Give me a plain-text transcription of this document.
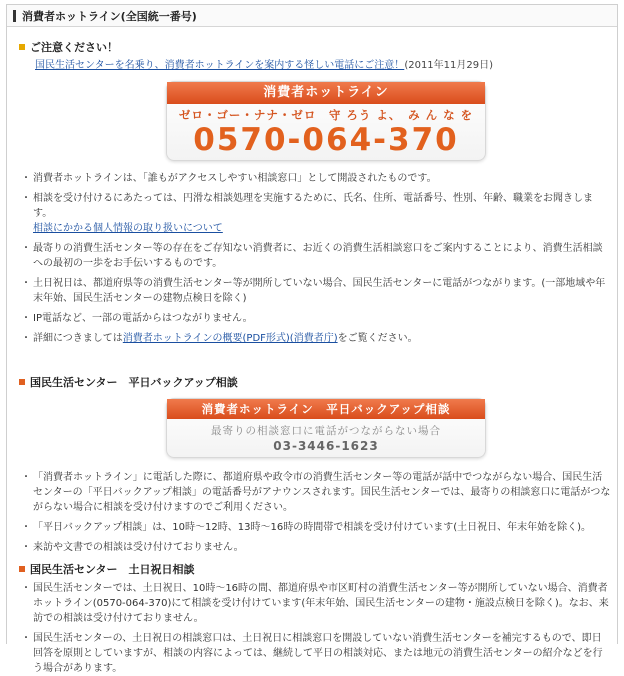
消費者ホットライン(全国統一番号)
ご注意ください！
国民生活センターを名乗り、消費者ホットラインを案内する怪しい電話にご注意！(2011年11月29日)
消費者ホットライン
ゼロ・ゴー・ナナ・ゼロ　守 ろう よ、　み ん な を
0570-064-370
・ 消費者ホットラインは、「誰もがアクセスしやすい相談窓口」として開設されたものです。
・ 相談を受け付けるにあたっては、円滑な相談処理を実施するために、氏名、住所、電話番号、性別、年齢、職業をお聞きします。
相談にかかる個人情報の取り扱いについて
・ 最寄りの消費生活センター等の存在をご存知ない消費者に、お近くの消費生活相談窓口をご案内することにより、消費生活相談への最初の一歩をお手伝いするものです。
・ 土日祝日は、都道府県等の消費生活センター等が開所していない場合、国民生活センターに電話がつながります。(一部地域や年末年始、国民生活センターの建物点検日を除く)
・ IP電話など、一部の電話からはつながりません。
・ 詳細につきましては消費者ホットラインの概要(PDF形式)(消費者庁)をご覧ください。
国民生活センター　平日バックアップ相談
消費者ホットライン　平日バックアップ相談
最寄りの相談窓口に電話がつながらない場合
03-3446-1623
・ 「消費者ホットライン」に電話した際に、都道府県や政令市の消費生活センター等の電話が話中でつながらない場合、国民生活センターの「平日バックアップ相談」の電話番号がアナウンスされます。国民生活センターでは、最寄りの相談窓口に電話がつながらない場合に相談を受け付けますのでご利用ください。
・ 「平日バックアップ相談」は、10時〜12時、13時〜16時の時間帯で相談を受け付けています(土日祝日、年末年始を除く)。
・ 来訪や文書での相談は受け付けておりません。
国民生活センター　土日祝日相談
・ 国民生活センターでは、土日祝日、10時〜16時の間、都道府県や市区町村の消費生活センター等が開所していない場合、消費者ホットライン(0570-064-370)にて相談を受け付けています(年末年始、国民生活センターの建物・施設点検日を除く)。なお、来訪での相談は受け付けておりません。
・ 国民生活センターの、土日祝日の相談窓口は、土日祝日に相談窓口を開設していない消費生活センターを補完するもので、即日回答を原則としていますが、相談の内容によっては、継続して平日の相談対応、または地元の消費生活センターの紹介などを行う場合があります。
